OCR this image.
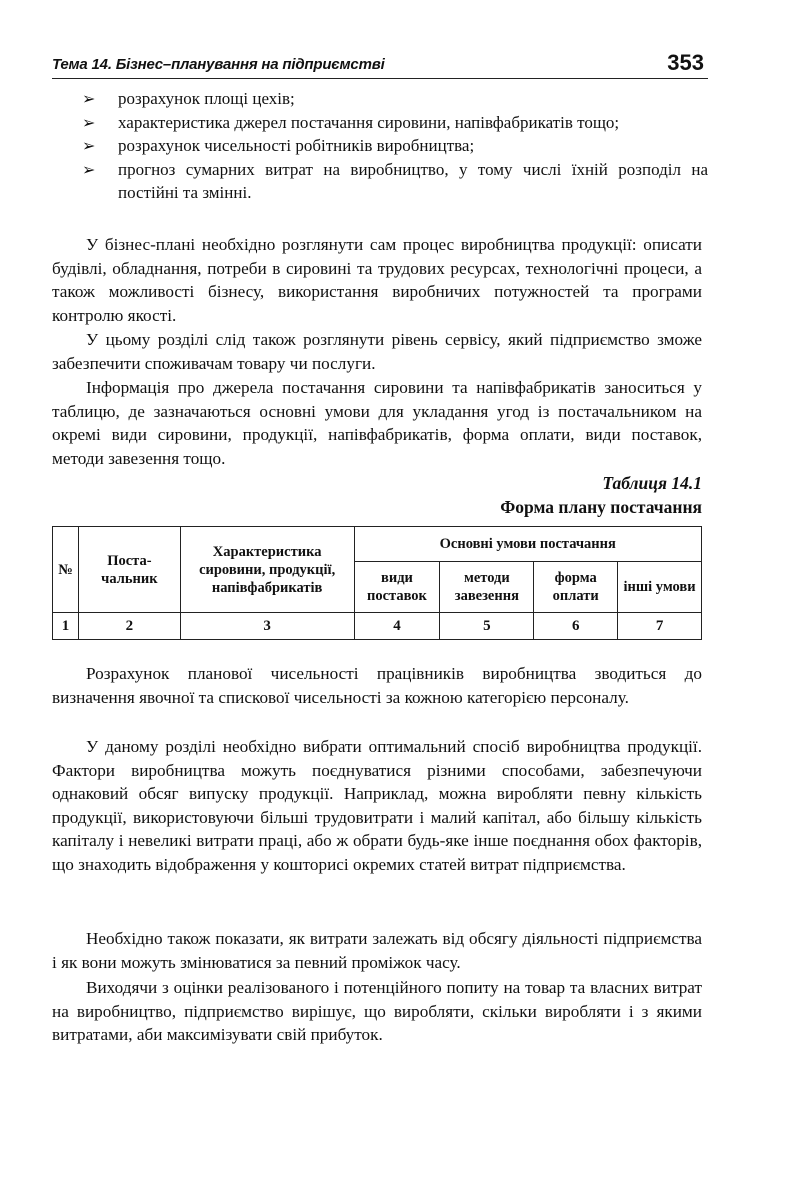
Тема 14. Бізнес–планування на підприємстві	353
➢ розрахунок площі цехів;
➢ характеристика джерел постачання сировини, напівфабрикатів тощо;
➢ розрахунок чисельності робітників виробництва;
➢ прогноз сумарних витрат на виробництво, у тому числі їхній розподіл на постійні та змінні.

У бізнес-плані необхідно розглянути сам процес виробництва продукції: описати будівлі, обладнання, потреби в сировині та трудових ресурсах, технологічні процеси, а також можливості бізнесу, використання виробничих потужностей та програми контролю якості.

У цьому розділі слід також розглянути рівень сервісу, який підприємство зможе забезпечити споживачам товару чи послуги.

Інформація про джерела постачання сировини та напівфабрикатів заноситься у таблицю, де зазначаються основні умови для укладання угод із постачальником на окремі види сировини, продукції, напівфабрикатів, форма оплати, види поставок, методи завезення тощо.

Таблиця 14.1
Форма плану постачання
№	Поста-чальник	Характеристика сировини, продукції, напівфабрикатів	Основні умови постачання			
			види поставок	методи завезення	форма оплати	інші умови
1	2	3	4	5	6	7

Розрахунок планової чисельності працівників виробництва зводиться до визначення явочної та спискової чисельності за кожною категорією персоналу.

У даному розділі необхідно вибрати оптимальний спосіб виробництва продукції. Фактори виробництва можуть поєднуватися різними способами, забезпечуючи однаковий обсяг випуску продукції. Наприклад, можна виробляти певну кількість продукції, використовуючи більші трудовитрати і малий капітал, або більшу кількість капіталу і невеликі витрати праці, або ж обрати будь-яке інше поєднання обох факторів, що знаходить відображення у кошторисі окремих статей витрат підприємства.

Необхідно також показати, як витрати залежать від обсягу діяльності підприємства і як вони можуть змінюватися за певний проміжок часу.

Виходячи з оцінки реалізованого і потенційного попиту на товар та власних витрат на виробництво, підприємство вирішує, що виробляти, скільки виробляти і з якими витратами, аби максимізувати свій прибуток.
